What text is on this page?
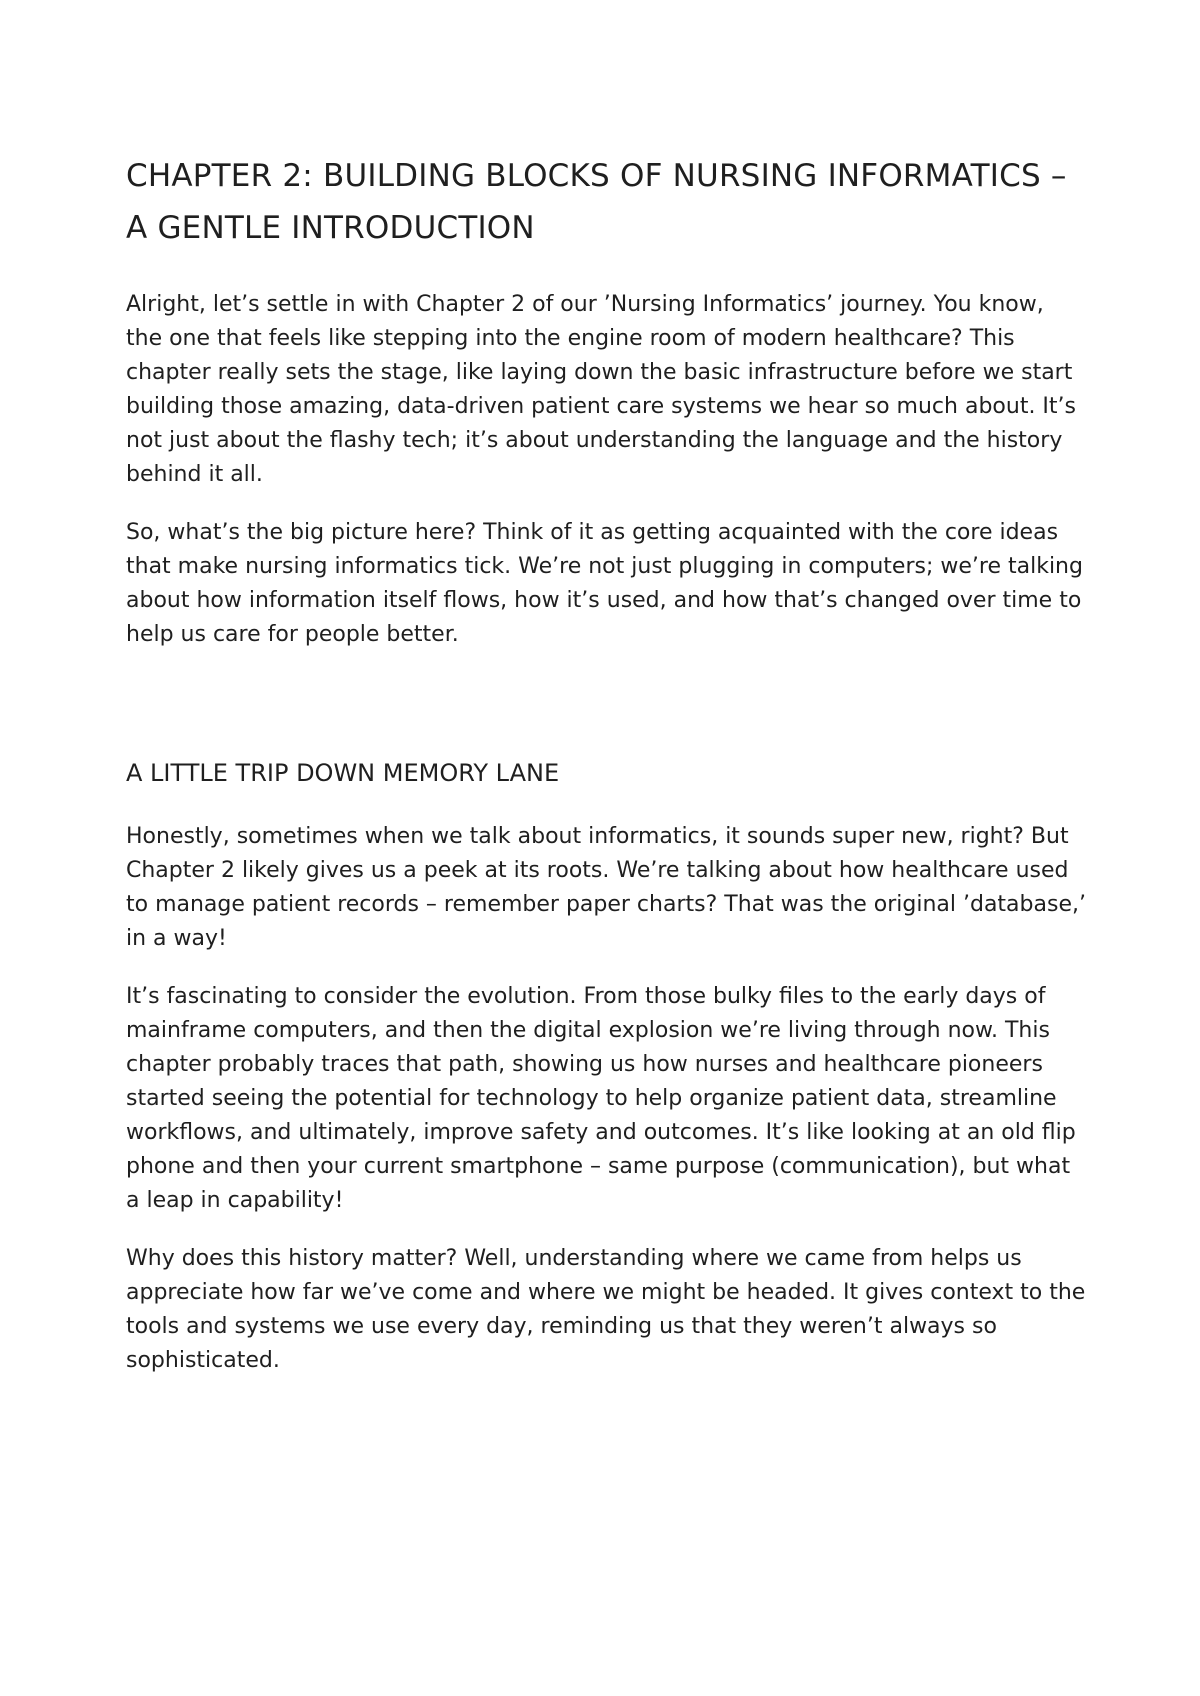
CHAPTER 2: BUILDING BLOCKS OF NURSING INFORMATICS – A GENTLE INTRODUCTION

Alright, let’s settle in with Chapter 2 of our ’Nursing Informatics’ journey. You know, the one that feels like stepping into the engine room of modern healthcare? This chapter really sets the stage, like laying down the basic infrastructure before we start building those amazing, data-driven patient care systems we hear so much about. It’s not just about the flashy tech; it’s about understanding the language and the history behind it all.

So, what’s the big picture here? Think of it as getting acquainted with the core ideas that make nursing informatics tick. We’re not just plugging in computers; we’re talking about how information itself flows, how it’s used, and how that’s changed over time to help us care for people better.

A LITTLE TRIP DOWN MEMORY LANE

Honestly, sometimes when we talk about informatics, it sounds super new, right? But Chapter 2 likely gives us a peek at its roots. We’re talking about how healthcare used to manage patient records – remember paper charts? That was the original ’database,’ in a way!

It’s fascinating to consider the evolution. From those bulky files to the early days of mainframe computers, and then the digital explosion we’re living through now. This chapter probably traces that path, showing us how nurses and healthcare pioneers started seeing the potential for technology to help organize patient data, streamline workflows, and ultimately, improve safety and outcomes. It’s like looking at an old flip phone and then your current smartphone – same purpose (communication), but what a leap in capability!

Why does this history matter? Well, understanding where we came from helps us appreciate how far we’ve come and where we might be headed. It gives context to the tools and systems we use every day, reminding us that they weren’t always so sophisticated.
